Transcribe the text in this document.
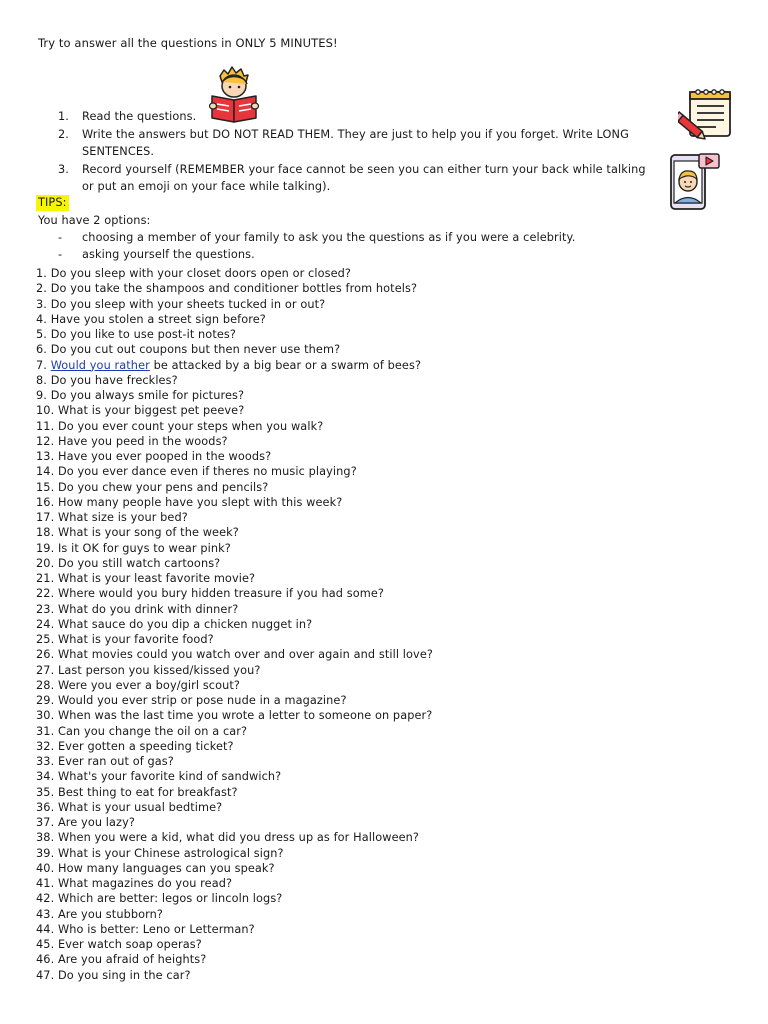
Try to answer all the questions in ONLY 5 MINUTES!
1. Read the questions.
2. Write the answers but DO NOT READ THEM. They are just to help you if you forget. Write LONG SENTENCES.
3. Record yourself (REMEMBER your face cannot be seen you can either turn your back while talking or put an emoji on your face while talking).
TIPS:
You have 2 options:
- choosing a member of your family to ask you the questions as if you were a celebrity.
- asking yourself the questions.
1. Do you sleep with your closet doors open or closed?
2. Do you take the shampoos and conditioner bottles from hotels?
3. Do you sleep with your sheets tucked in or out?
4. Have you stolen a street sign before?
5. Do you like to use post-it notes?
6. Do you cut out coupons but then never use them?
7. Would you rather be attacked by a big bear or a swarm of bees?
8. Do you have freckles?
9. Do you always smile for pictures?
10. What is your biggest pet peeve?
11. Do you ever count your steps when you walk?
12. Have you peed in the woods?
13. Have you ever pooped in the woods?
14. Do you ever dance even if theres no music playing?
15. Do you chew your pens and pencils?
16. How many people have you slept with this week?
17. What size is your bed?
18. What is your song of the week?
19. Is it OK for guys to wear pink?
20. Do you still watch cartoons?
21. What is your least favorite movie?
22. Where would you bury hidden treasure if you had some?
23. What do you drink with dinner?
24. What sauce do you dip a chicken nugget in?
25. What is your favorite food?
26. What movies could you watch over and over again and still love?
27. Last person you kissed/kissed you?
28. Were you ever a boy/girl scout?
29. Would you ever strip or pose nude in a magazine?
30. When was the last time you wrote a letter to someone on paper?
31. Can you change the oil on a car?
32. Ever gotten a speeding ticket?
33. Ever ran out of gas?
34. What's your favorite kind of sandwich?
35. Best thing to eat for breakfast?
36. What is your usual bedtime?
37. Are you lazy?
38. When you were a kid, what did you dress up as for Halloween?
39. What is your Chinese astrological sign?
40. How many languages can you speak?
41. What magazines do you read?
42. Which are better: legos or lincoln logs?
43. Are you stubborn?
44. Who is better: Leno or Letterman?
45. Ever watch soap operas?
46. Are you afraid of heights?
47. Do you sing in the car?
